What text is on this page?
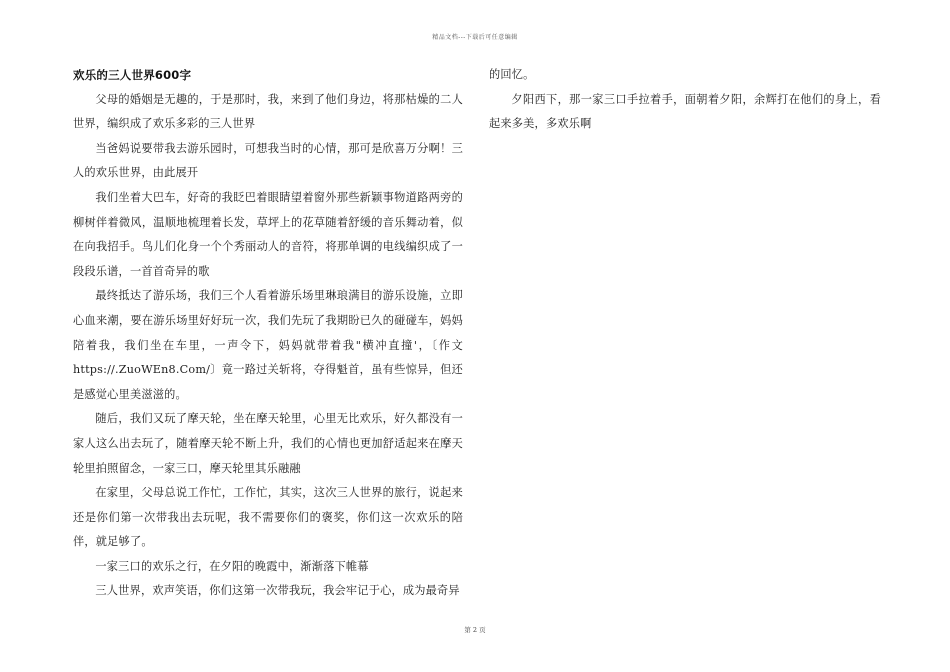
精品文档---下载后可任意编辑
欢乐的三人世界600字

父母的婚姻是无趣的，于是那时，我，来到了他们身边，将那枯燥的二人世界，编织成了欢乐多彩的三人世界

当爸妈说要带我去游乐园时，可想我当时的心情，那可是欣喜万分啊！三人的欢乐世界，由此展开

我们坐着大巴车，好奇的我眨巴着眼睛望着窗外那些新颖事物道路两旁的柳树伴着微风，温顺地梳理着长发，草坪上的花草随着舒缓的音乐舞动着，似在向我招手。鸟儿们化身一个个秀丽动人的音符，将那单调的电线编织成了一段段乐谱，一首首奇异的歌

最终抵达了游乐场，我们三个人看着游乐场里琳琅满目的游乐设施，立即心血来潮，要在游乐场里好好玩一次，我们先玩了我期盼已久的碰碰车，妈妈陪着我，我们坐在车里，一声令下，妈妈就带着我"横冲直撞'，〔作文https://.ZuoWEn8.Com/〕竟一路过关斩将，夺得魁首，虽有些惊异，但还是感觉心里美滋滋的。

随后，我们又玩了摩天轮，坐在摩天轮里，心里无比欢乐，好久都没有一家人这么出去玩了，随着摩天轮不断上升，我们的心情也更加舒适起来在摩天轮里拍照留念，一家三口，摩天轮里其乐融融

在家里，父母总说工作忙，工作忙，其实，这次三人世界的旅行，说起来还是你们第一次带我出去玩呢，我不需要你们的褒奖，你们这一次欢乐的陪伴，就足够了。

一家三口的欢乐之行，在夕阳的晚霞中，渐渐落下帷幕

三人世界，欢声笑语，你们这第一次带我玩，我会牢记于心，成为最奇异

的回忆。

夕阳西下，那一家三口手拉着手，面朝着夕阳，余辉打在他们的身上，看起来多美，多欢乐啊

第 2 页
